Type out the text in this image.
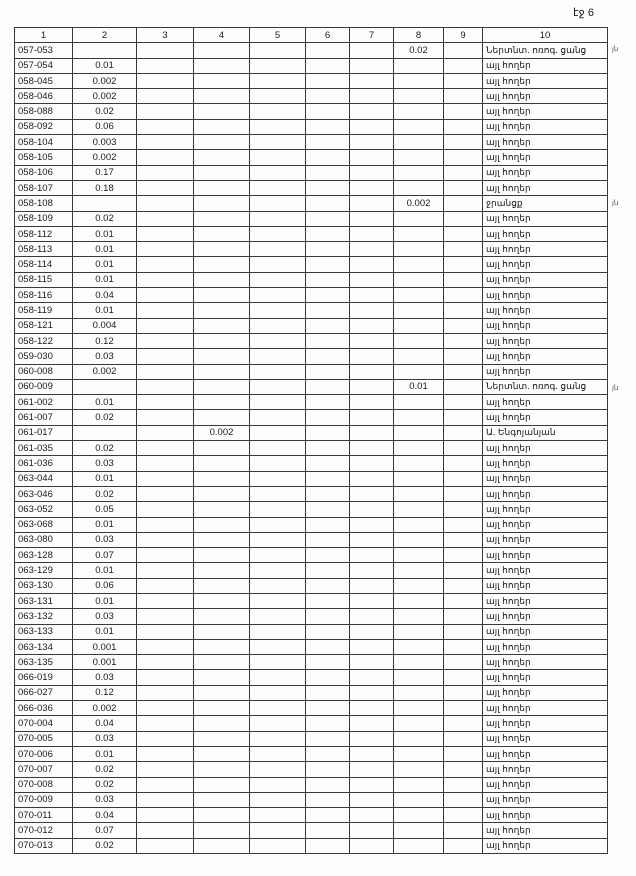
էջ 6
1	2	3	4	5	6	7	8	9	10
057-053							0.02		Ներտնտ. ոռոգ. ցանց
057-054	0.01								այլ հողեր
058-045	0.002								այլ հողեր
058-046	0.002								այլ հողեր
058-088	0.02								այլ հողեր
058-092	0.06								այլ հողեր
058-104	0.003								այլ հողեր
058-105	0.002								այլ հողեր
058-106	0.17								այլ հողեր
058-107	0.18								այլ հողեր
058-108							0.002		ջրանցք
058-109	0.02								այլ հողեր
058-112	0.01								այլ հողեր
058-113	0.01								այլ հողեր
058-114	0.01								այլ հողեր
058-115	0.01								այլ հողեր
058-116	0.04								այլ հողեր
058-119	0.01								այլ հողեր
058-121	0.004								այլ հողեր
058-122	0.12								այլ հողեր
059-030	0.03								այլ հողեր
060-008	0.002								այլ հողեր
060-009							0.01		Ներտնտ. ոռոգ. ցանց
061-002	0.01								այլ հողեր
061-007	0.02								այլ հողեր
061-017			0.002						Ա. Ենգոյանյան
061-035	0.02								այլ հողեր
061-036	0.03								այլ հողեր
063-044	0.01								այլ հողեր
063-046	0.02								այլ հողեր
063-052	0.05								այլ հողեր
063-068	0.01								այլ հողեր
063-080	0.03								այլ հողեր
063-128	0.07								այլ հողեր
063-129	0.01								այլ հողեր
063-130	0.06								այլ հողեր
063-131	0.01								այլ հողեր
063-132	0.03								այլ հողեր
063-133	0.01								այլ հողեր
063-134	0.001								այլ հողեր
063-135	0.001								այլ հողեր
066-019	0.03								այլ հողեր
066-027	0.12								այլ հողեր
066-036	0.002								այլ հողեր
070-004	0.04								այլ հողեր
070-005	0.03								այլ հողեր
070-006	0.01								այլ հողեր
070-007	0.02								այլ հողեր
070-008	0.02								այլ հողեր
070-009	0.03								այլ հողեր
070-011	0.04								այլ հողեր
070-012	0.07								այլ հողեր
070-013	0.02								այլ հողեր
յն
յն
յն
